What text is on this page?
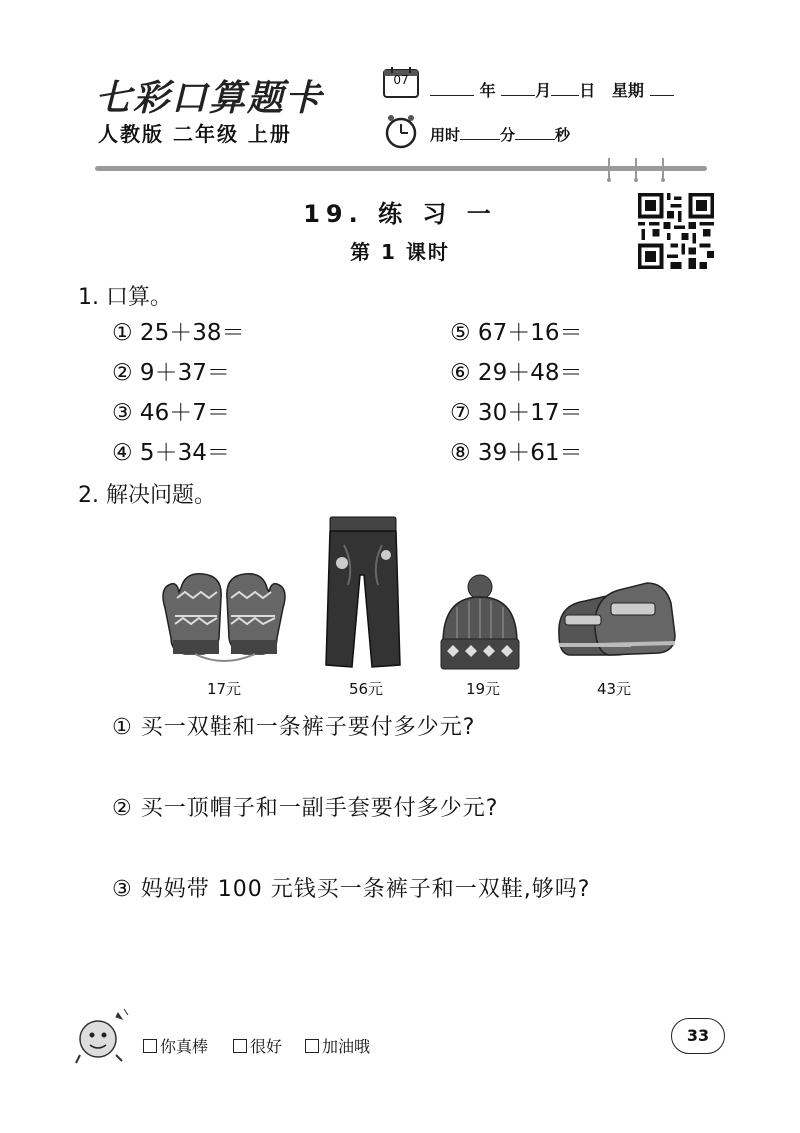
七彩口算题卡
人教版 二年级 上册
07
年 月 日 星期
用时	分	秒
19. 练 习 一
第 1 课时
1. 口算。
① 25＋38＝
② 9＋37＝
③ 46＋7＝
④ 5＋34＝
⑤ 67＋16＝
⑥ 29＋48＝
⑦ 30＋17＝
⑧ 39＋61＝
2. 解决问题。
17元	56元	19元	43元
① 买一双鞋和一条裤子要付多少元?
② 买一顶帽子和一副手套要付多少元?
③ 妈妈带 100 元钱买一条裤子和一双鞋,够吗?
你真棒	很好	加油哦
33
